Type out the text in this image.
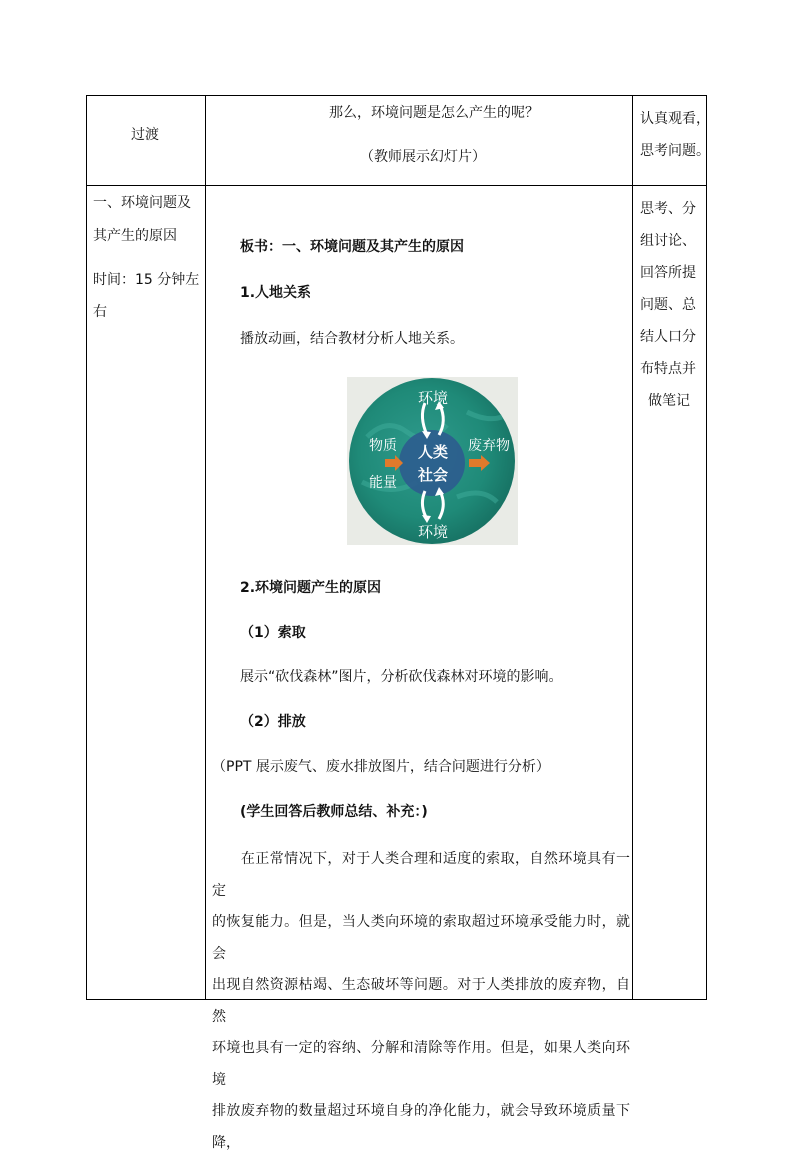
过渡
那么，环境问题是怎么产生的呢？
（教师展示幻灯片）
认真观看，
思考问题。
一、环境问题及
其产生的原因
时间：15 分钟左
右
思考、分
组讨论、
回答所提
问题、总
结人口分
布特点并
做笔记
板书：一、环境问题及其产生的原因
1.人地关系
播放动画，结合教材分析人地关系。
环境
环境
物质
能量
废弃物
人类
社会
2.环境问题产生的原因
（1）索取
展示“砍伐森林”图片，分析砍伐森林对环境的影响。
（2）排放
（PPT 展示废气、废水排放图片，结合问题进行分析）
(学生回答后教师总结、补充：)

　　在正常情况下，对于人类合理和适度的索取，自然环境具有一定

的恢复能力。但是，当人类向环境的索取超过环境承受能力时，就会

出现自然资源枯竭、生态破坏等问题。对于人类排放的废弃物，自然

环境也具有一定的容纳、分解和清除等作用。但是，如果人类向环境

排放废弃物的数量超过环境自身的净化能力，就会导致环境质量下降，
